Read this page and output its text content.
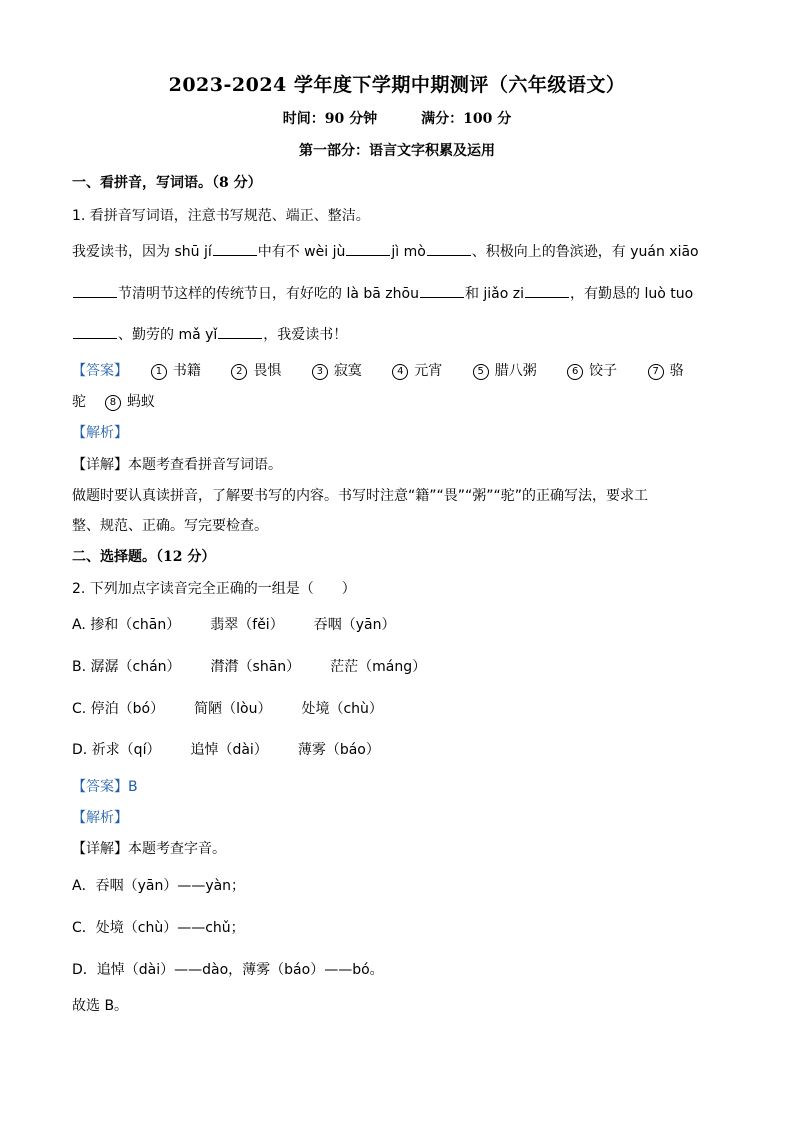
2023-2024 学年度下学期中期测评（六年级语文）
时间：90 分钟	满分：100 分
第一部分：语言文字积累及运用
一、看拼音，写词语。（8 分）
1. 看拼音写词语，注意书写规范、端正、整洁。
我爱读书，因为 shū jí	中有不 wèi jù	jì mò	、积极向上的鲁滨逊，有 yuán xiāo
节清明节这样的传统节日，有好吃的 là bā zhōu	和 jiǎo zi	，有勤恳的 luò tuo
、勤劳的 mǎ yǐ	，我爱读书！
【答案】	1 书籍	2 畏惧	3 寂寞	4 元宵	5 腊八粥	6 饺子	7 骆
驼 8 蚂蚁
【解析】
【详解】本题考查看拼音写词语。
做题时要认真读拼音，了解要书写的内容。书写时注意“籍”“畏”“粥”“驼”的正确写法，要求工
整、规范、正确。写完要检查。
二、选择题。（12 分）
2. 下列加点字读音完全正确的一组是（　　）
A. 掺和（chān） 翡翠（fěi） 吞咽（yān）
B. 潺潺（chán） 潸潸（shān） 茫茫（máng）
C. 停泊（bó） 简陋（lòu） 处境（chù）
D. 祈求（qí） 追悼（dài） 薄雾（báo）
【答案】B
【解析】
【详解】本题考查字音。
A．吞咽（yān）——yàn；
C．处境（chù）——chǔ；
D．追悼（dài）——dào，薄雾（báo）——bó。
故选 B。
